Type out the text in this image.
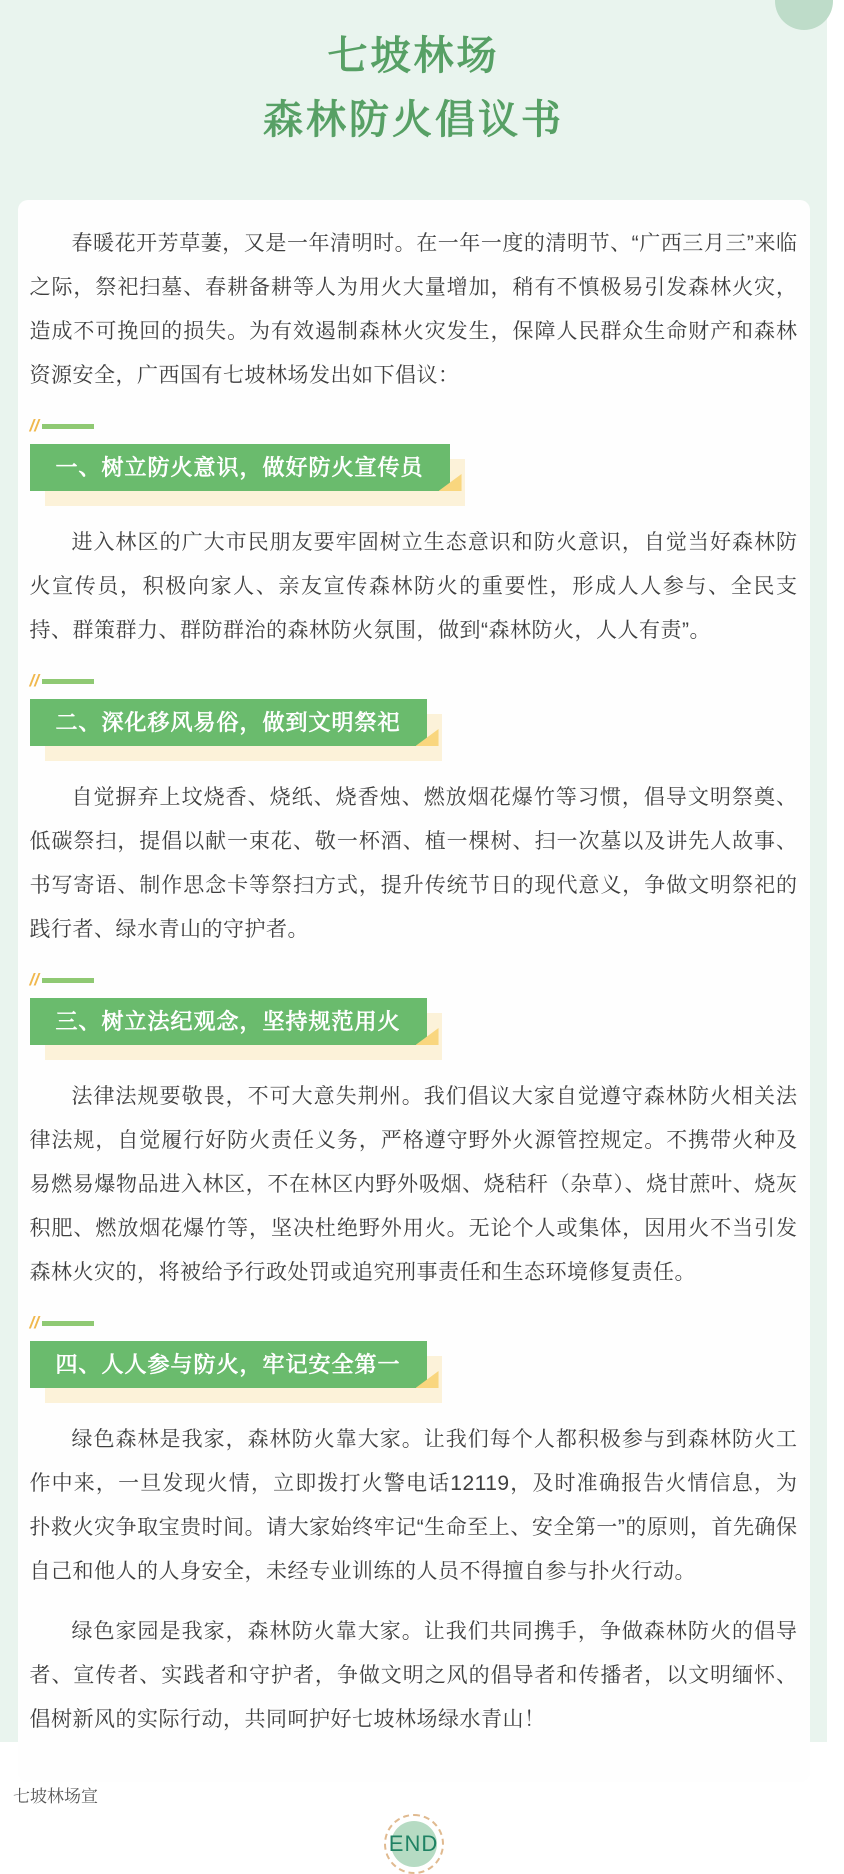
七坡林场
森林防火倡议书

春暖花开芳草萋，又是一年清明时。在一年一度的清明节、“广西三月三”来临之际，祭祀扫墓、春耕备耕等人为用火大量增加，稍有不慎极易引发森林火灾，造成不可挽回的损失。为有效遏制森林火灾发生，保障人民群众生命财产和森林资源安全，广西国有七坡林场发出如下倡议：

//
一、树立防火意识，做好防火宣传员

进入林区的广大市民朋友要牢固树立生态意识和防火意识，自觉当好森林防火宣传员，积极向家人、亲友宣传森林防火的重要性，形成人人参与、全民支持、群策群力、群防群治的森林防火氛围，做到“森林防火，人人有责”。

//
二、深化移风易俗，做到文明祭祀

自觉摒弃上坟烧香、烧纸、烧香烛、燃放烟花爆竹等习惯，倡导文明祭奠、低碳祭扫，提倡以献一束花、敬一杯酒、植一棵树、扫一次墓以及讲先人故事、书写寄语、制作思念卡等祭扫方式，提升传统节日的现代意义，争做文明祭祀的践行者、绿水青山的守护者。

//
三、树立法纪观念，坚持规范用火

法律法规要敬畏，不可大意失荆州。我们倡议大家自觉遵守森林防火相关法律法规，自觉履行好防火责任义务，严格遵守野外火源管控规定。不携带火种及易燃易爆物品进入林区，不在林区内野外吸烟、烧秸秆（杂草）、烧甘蔗叶、烧灰积肥、燃放烟花爆竹等，坚决杜绝野外用火。无论个人或集体，因用火不当引发森林火灾的，将被给予行政处罚或追究刑事责任和生态环境修复责任。

//
四、人人参与防火，牢记安全第一

绿色森林是我家，森林防火靠大家。让我们每个人都积极参与到森林防火工作中来，一旦发现火情，立即拨打火警电话12119，及时准确报告火情信息，为扑救火灾争取宝贵时间。请大家始终牢记“生命至上、安全第一”的原则，首先确保自己和他人的人身安全，未经专业训练的人员不得擅自参与扑火行动。

绿色家园是我家，森林防火靠大家。让我们共同携手，争做森林防火的倡导者、宣传者、实践者和守护者，争做文明之风的倡导者和传播者，以文明缅怀、倡树新风的实际行动，共同呵护好七坡林场绿水青山！

END
七坡林场宣
